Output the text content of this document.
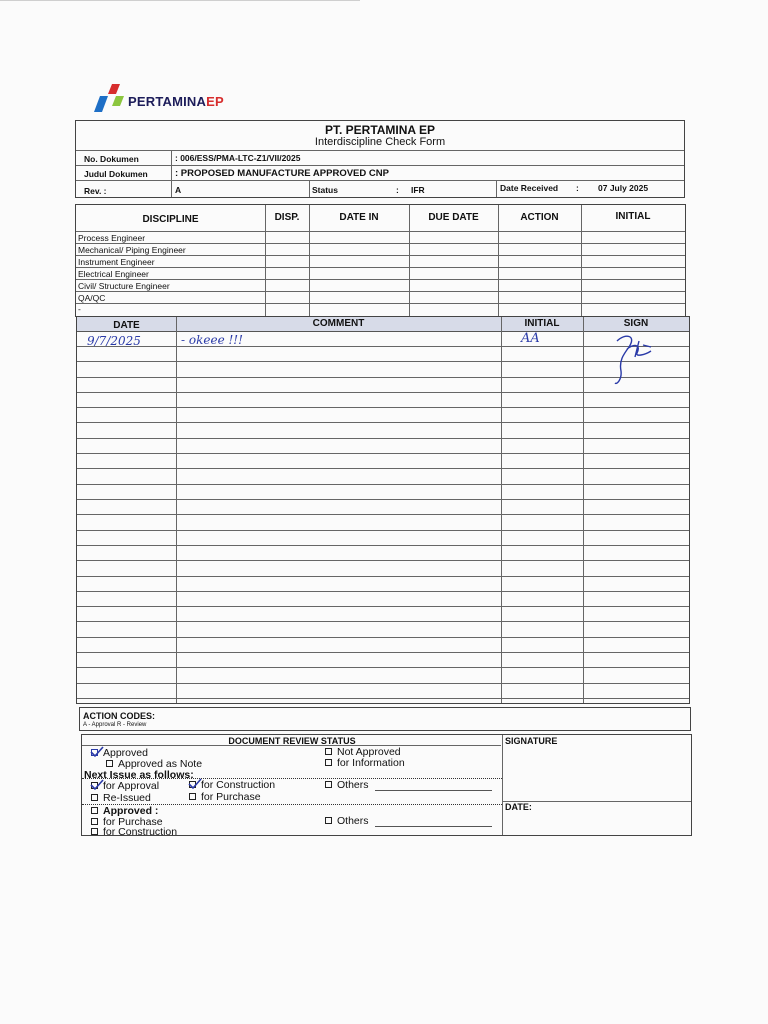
PERTAMINAEP
PT. PERTAMINA EP
Interdiscipline Check Form
No. Dokumen	: 006/ESS/PMA-LTC-Z1/VII/2025
Judul Dokumen	: PROPOSED MANUFACTURE APPROVED CNP
Rev. :	A	Status	: IFR	Date Received : 07 July 2025
DISCIPLINE	DISP.	DATE IN	DUE DATE	ACTION	INITIAL
Process Engineer
Mechanical/ Piping Engineer
Instrument Engineer
Electrical Engineer
Civil/ Structure Engineer
QA/QC
-
DATE	COMMENT	INITIAL	SIGN
9/7/2025	- okeee !!!	AA
ACTION CODES:
A - Approval R - Review
DOCUMENT REVIEW STATUS	SIGNATURE
DATE:
Approved
Approved as Note
Not Approved
for Information
Next Issue as follows:
for Approval	for Construction	Others
Re-Issued	for Purchase
Approved :
for Purchase	Others
for Construction
